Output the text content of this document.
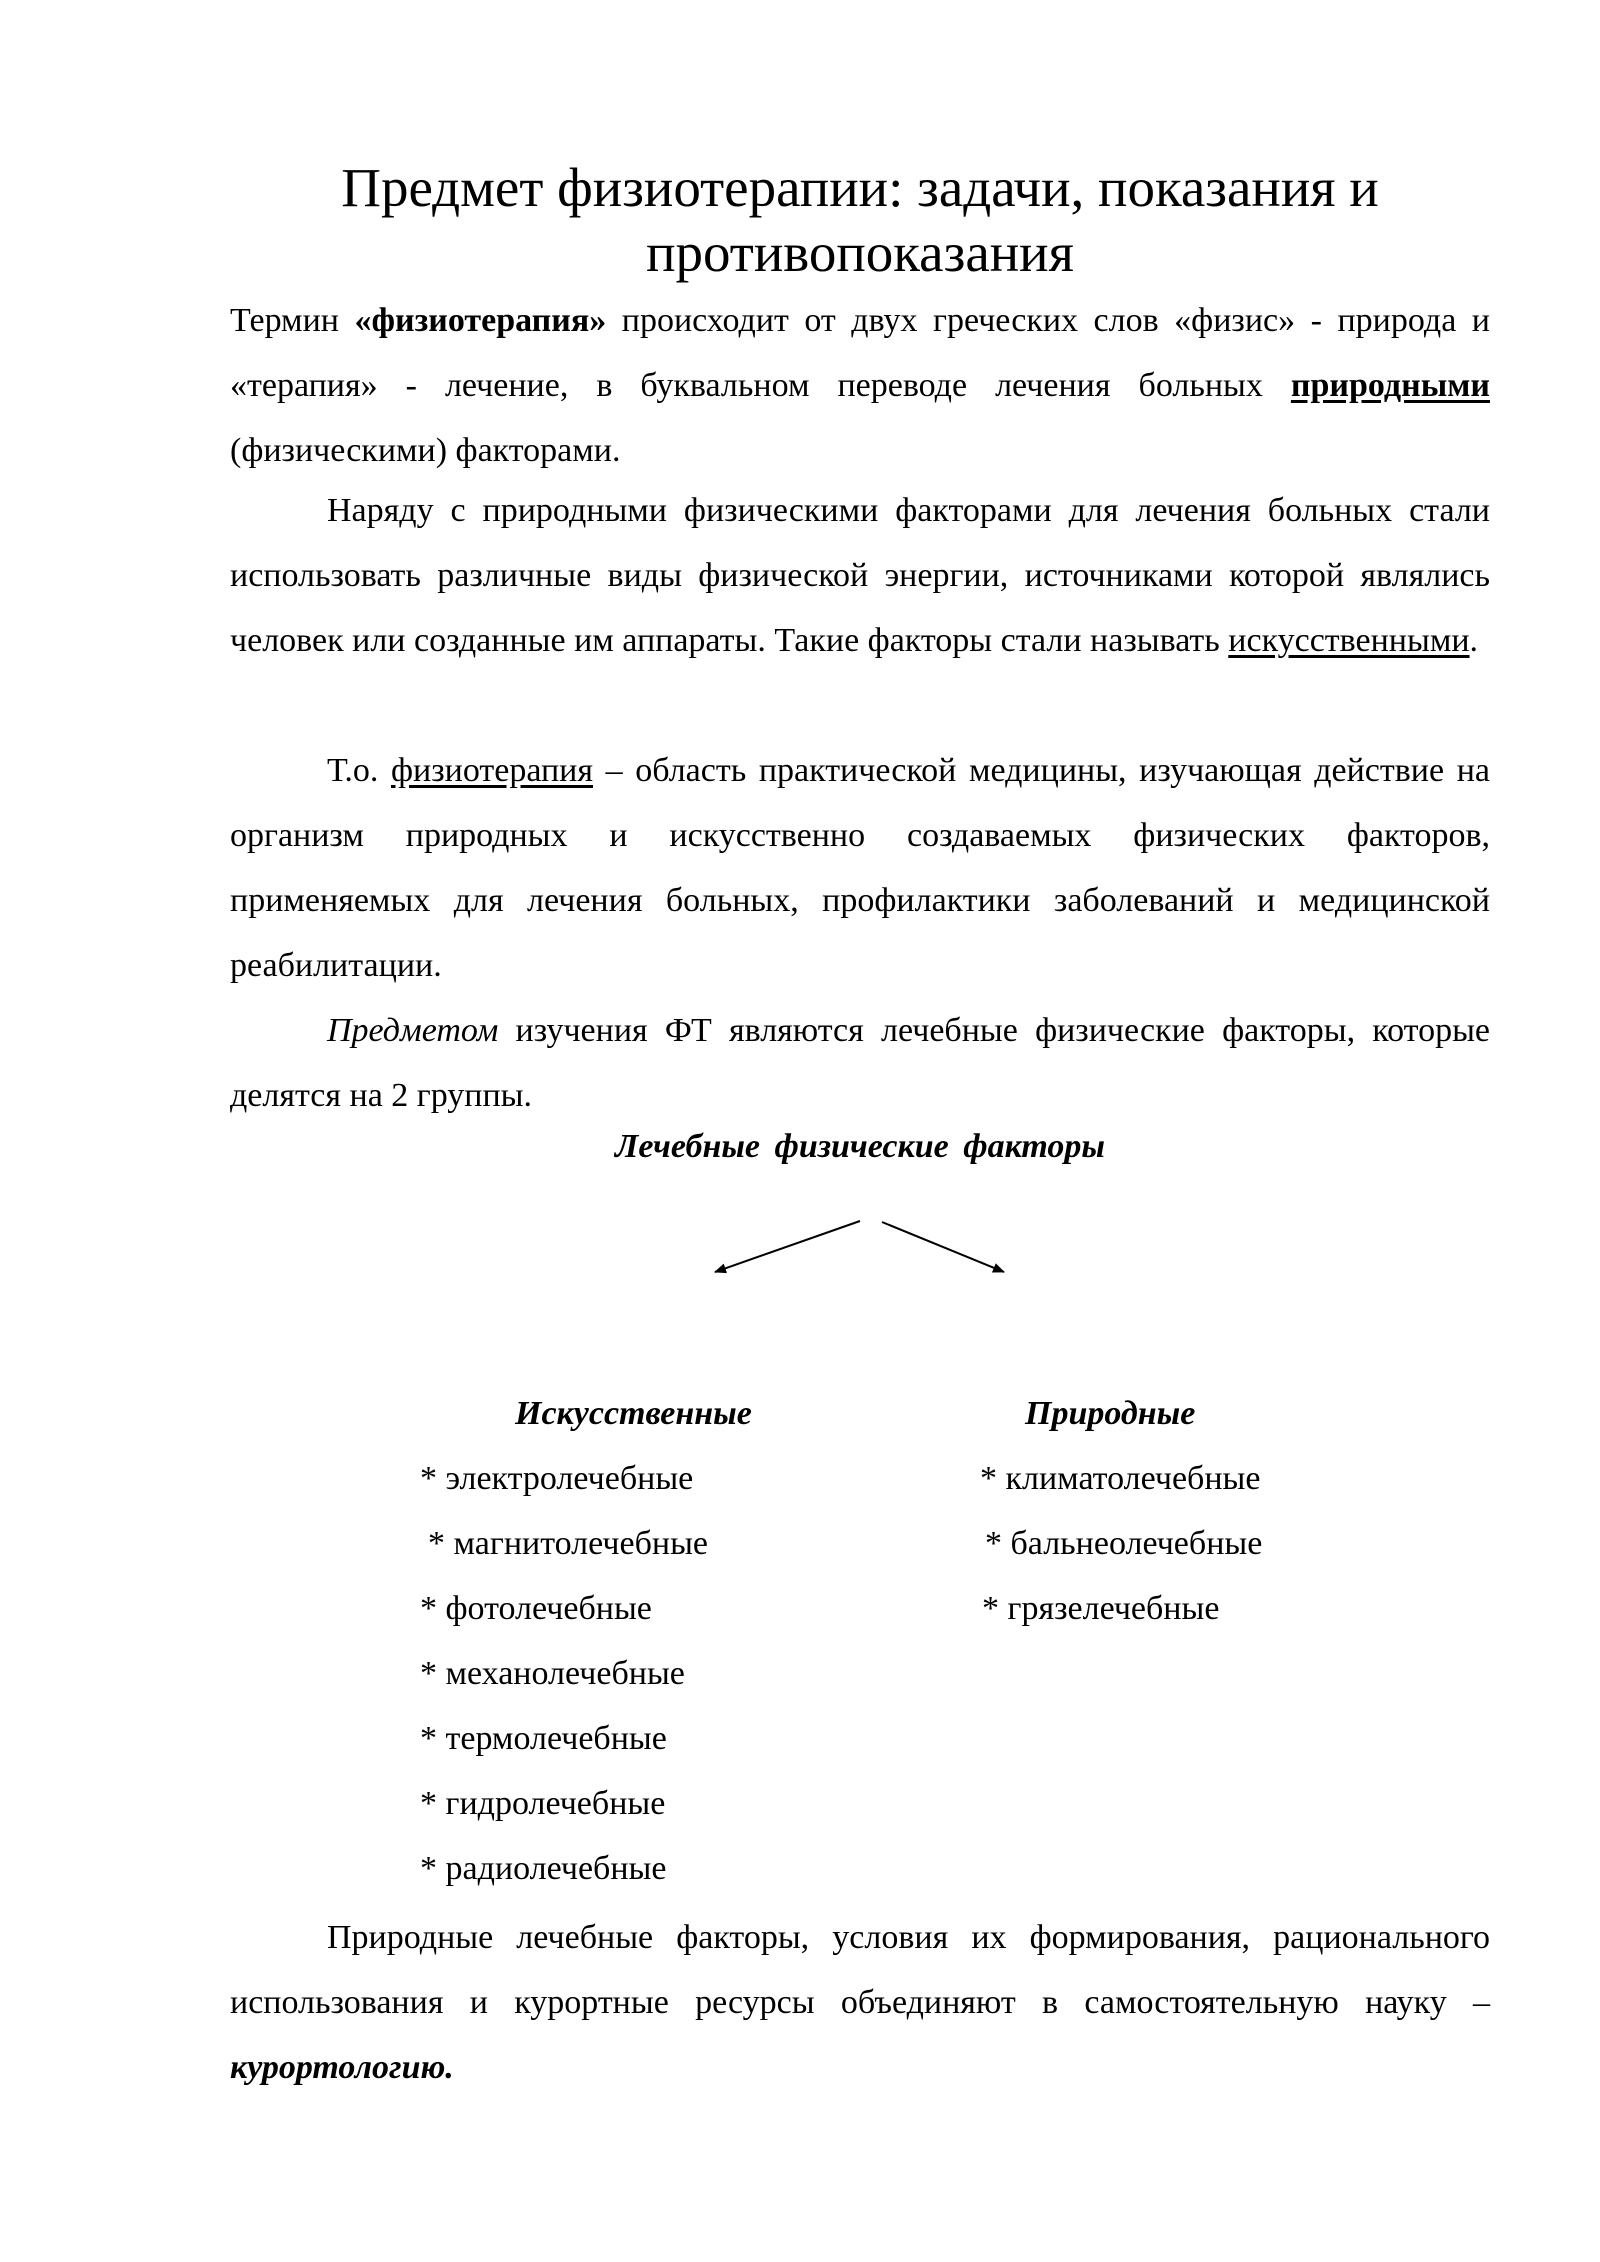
Предмет физиотерапии: задачи, показания и противопоказания
Термин «физиотерапия» происходит от двух греческих слов «физис» - природа и «терапия» - лечение, в буквальном переводе лечения больных природными (физическими) факторами.
Наряду с природными физическими факторами для лечения больных стали использовать различные виды физической энергии, источниками которой являлись человек или созданные им аппараты. Такие факторы стали называть искусственными.
Т.о. физиотерапия – область практической медицины, изучающая действие на организм природных и искусственно создаваемых физических факторов, применяемых для лечения больных, профилактики заболеваний и медицинской реабилитации.
Предметом изучения ФТ являются лечебные физические факторы, которые делятся на 2 группы.
Лечебные физические факторы
Искусственные	Природные
* электролечебные
* магнитолечебные
* фотолечебные
* механолечебные
* термолечебные
* гидролечебные
* радиолечебные
* климатолечебные
* бальнеолечебные
* грязелечебные
Природные лечебные факторы, условия их формирования, рационального использования и курортные ресурсы объединяют в самостоятельную науку – курортологию.
